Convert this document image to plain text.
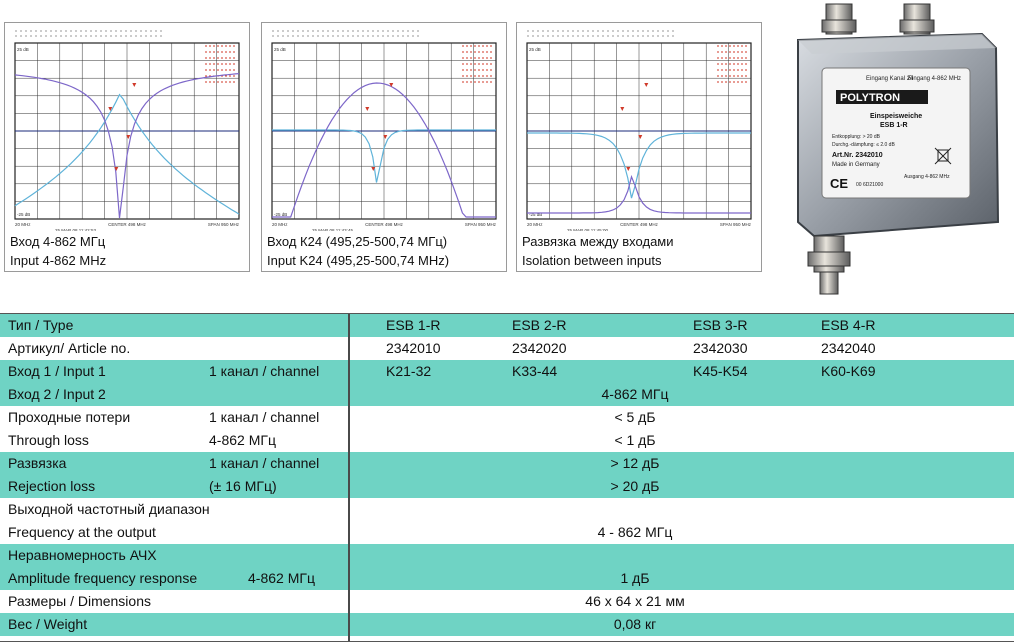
25 dB
-25 dB
20 MHz	CENTER 498 MHz	SPAN 950 MHz
25.MAR.08 11:42:53
Вход 4-862 МГц
Input 4-862 MHz
25 dB
-25 dB
20 MHz	CENTER 498 MHz	SPAN 950 MHz
25.MAR.08 11:43:45
Вход К24 (495,25-500,74 МГц)
Input K24 (495,25-500,74 MHz)
25 dB
-25 dB
20 MHz	CENTER 498 MHz	SPAN 950 MHz
25.MAR.08 11:45:00
Развязка между входами
Isolation between inputs
Eingang Kanal 24
Eingang 4-862 MHz
POLYTRON
Einspeisweiche
ESB 1-R
Entkopplung: > 20 dB
Durchg.-dämpfung: ≤ 2.0 dB
Art.Nr. 2342010
Made in Germany
CE 00 6D21000
Ausgang 4-862 MHz
Тип / Type	ESB 1-R	ESB 2-R	ESB 3-R	ESB 4-R
Артикул/ Article no.	2342010	2342020	2342030	2342040
Вход 1 / Input 1	1 канал / channel	K21-32	K33-44	K45-K54	K60-K69
Вход 2 / Input 2	4-862 МГц
Проходные потери	1 канал / channel	< 5 дБ
Through loss	4-862 МГц	< 1 дБ
Развязка	1 канал / channel	> 12 дБ
Rejection loss	(± 16 МГц)	> 20 дБ
Выходной частотный диапазон
Frequency at the output	4 - 862 МГц
Неравномерность АЧХ
Amplitude frequency response	4-862 МГц	1 дБ
Размеры / Dimensions	46 х 64 х 21 мм
Вес / Weight	0,08 кг
